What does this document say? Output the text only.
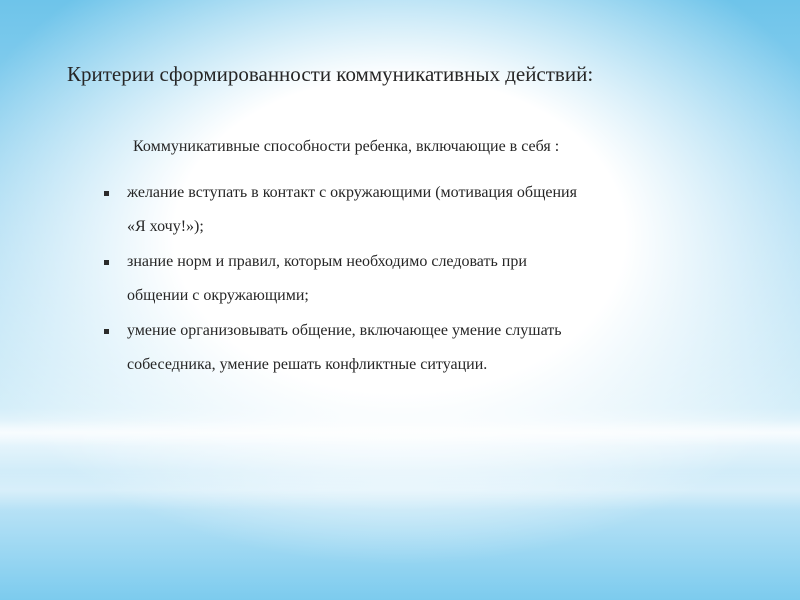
Критерии сформированности коммуникативных действий:
Коммуникативные способности ребенка, включающие в себя :
желание вступать в контакт с окружающими (мотивация общения
«Я хочу!»);
знание норм и правил, которым необходимо следовать при
общении с окружающими;
умение организовывать общение, включающее умение слушать
собеседника, умение решать конфликтные ситуации.
